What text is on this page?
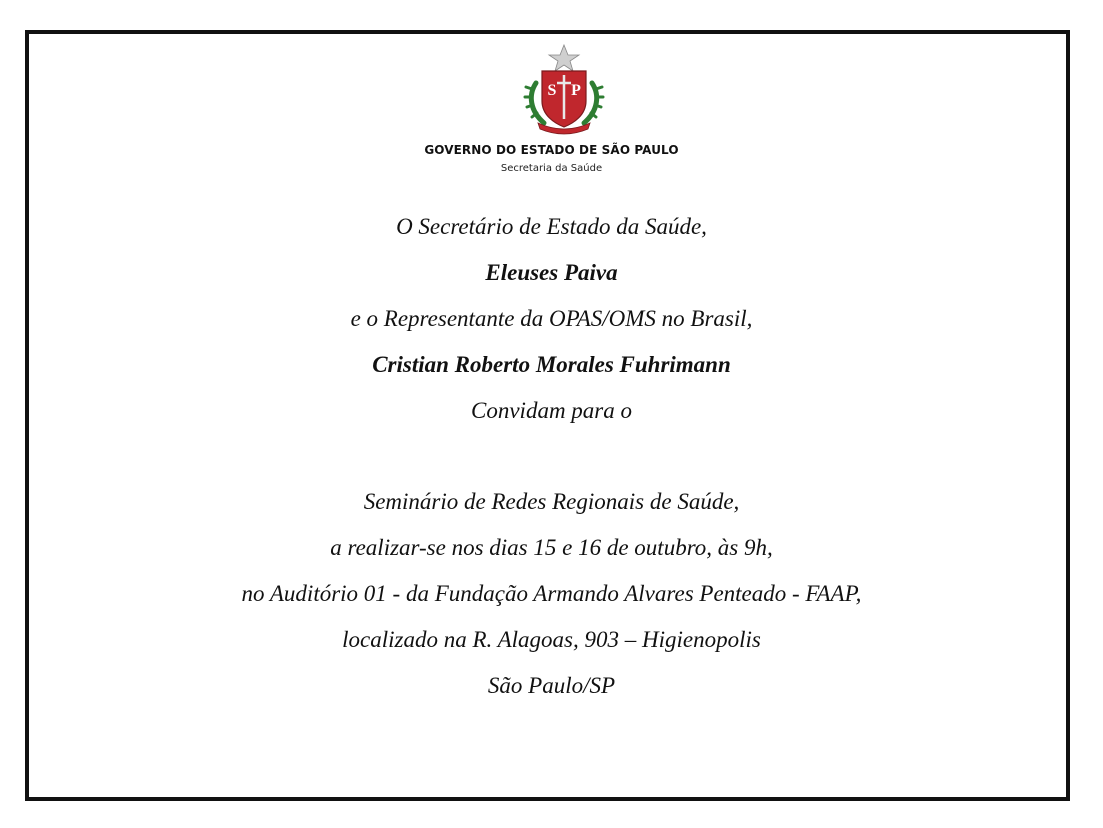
S P
GOVERNO DO ESTADO DE SÃO PAULO
Secretaria da Saúde
O Secretário de Estado da Saúde,
Eleuses Paiva
e o Representante da OPAS/OMS no Brasil,
Cristian Roberto Morales Fuhrimann
Convidam para o
Seminário de Redes Regionais de Saúde,
a realizar-se nos dias 15 e 16 de outubro, às 9h,
no Auditório 01 - da Fundação Armando Alvares Penteado - FAAP,
localizado na R. Alagoas, 903 – Higienopolis
São Paulo/SP
